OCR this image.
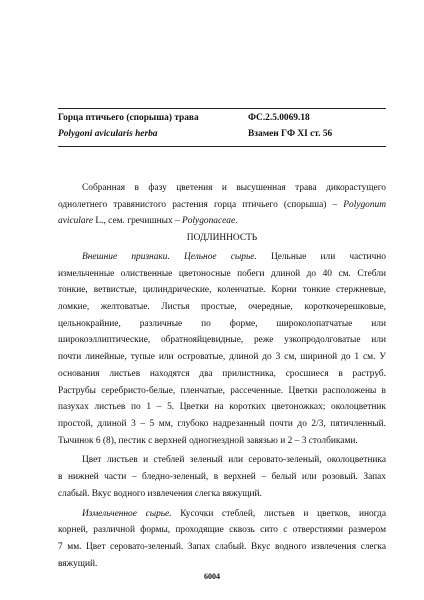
Горца птичьего (спорыша) трава	ФС.2.5.0069.18
Polygoni avicularis herba	Взамен ГФ XI ст. 56
Собранная в фазу цветения и высушенная трава дикорастущего
однолетнего травянистого растения горца птичьего (спорыша) – Polygonum
aviculare L., сем. гречишных – Polygonaceae.
ПОДЛИННОСТЬ
Внешние признаки. Цельное сырье. Цельные или частично
измельченные олиственные цветоносные побеги длиной до 40 см. Стебли
тонкие, ветвистые, цилиндрические, коленчатые. Корни тонкие стержневые,
ломкие, желтоватые. Листья простые, очередные, короткочерешковые,
цельнокрайние, различные по форме, широколопатчатые или
широкоэллиптические, обратнояйцевидные, реже узкопродолговатые или
почти линейные, тупые или островатые, длиной до 3 см, шириной до 1 см. У
основания листьев находятся два прилистника, сросшиеся в раструб.
Раструбы серебристо-белые, пленчатые, рассеченные. Цветки расположены в
пазухах листьев по 1 – 5. Цветки на коротких цветоножках; околоцветник
простой, длиной 3 – 5 мм, глубоко надрезанный почти до 2/3, пятичленный.
Тычинок 6 (8), пестик с верхней одногнездной завязью и 2 – 3 столбиками.
Цвет листьев и стеблей зеленый или серовато-зеленый, околоцветника
в нижней части – бледно-зеленый, в верхней – белый или розовый. Запах
слабый. Вкус водного извлечения слегка вяжущий.
Измельченное сырье. Кусочки стеблей, листьев и цветков, иногда
корней, различной формы, проходящие сквозь сито с отверстиями размером
7 мм. Цвет серовато-зеленый. Запах слабый. Вкус водного извлечения слегка
вяжущий.
6004
